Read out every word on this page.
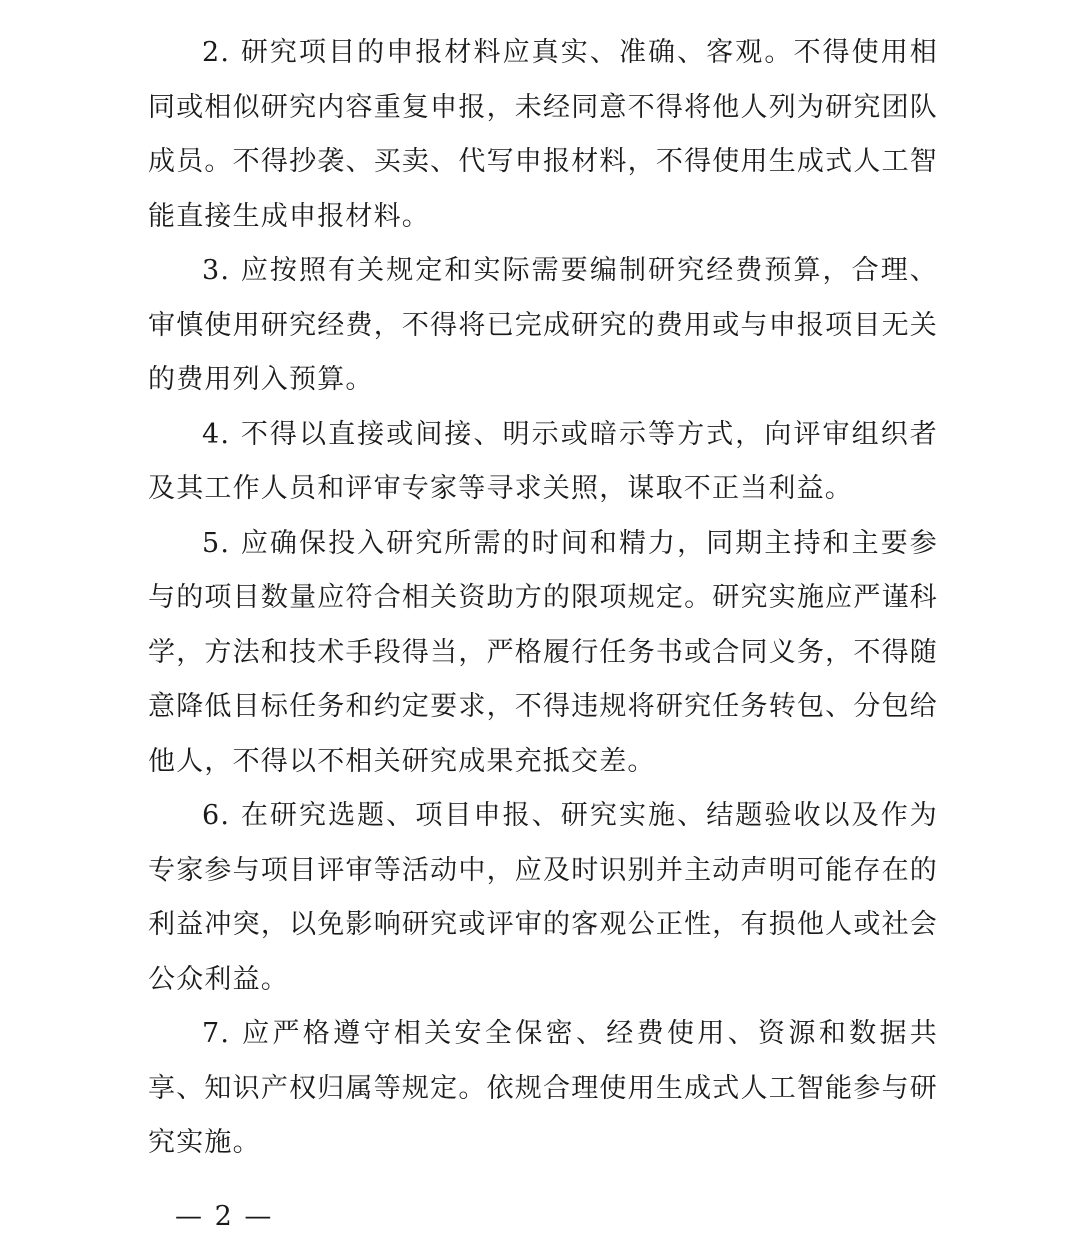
2. 研究项目的申报材料应真实、准确、客观。不得使用相同或相似研究内容重复申报，未经同意不得将他人列为研究团队成员。不得抄袭、买卖、代写申报材料，不得使用生成式人工智能直接生成申报材料。

3. 应按照有关规定和实际需要编制研究经费预算，合理、审慎使用研究经费，不得将已完成研究的费用或与申报项目无关的费用列入预算。

4. 不得以直接或间接、明示或暗示等方式，向评审组织者及其工作人员和评审专家等寻求关照，谋取不正当利益。

5. 应确保投入研究所需的时间和精力，同期主持和主要参与的项目数量应符合相关资助方的限项规定。研究实施应严谨科学，方法和技术手段得当，严格履行任务书或合同义务，不得随意降低目标任务和约定要求，不得违规将研究任务转包、分包给他人，不得以不相关研究成果充抵交差。

6. 在研究选题、项目申报、研究实施、结题验收以及作为专家参与项目评审等活动中，应及时识别并主动声明可能存在的利益冲突，以免影响研究或评审的客观公正性，有损他人或社会公众利益。

7. 应严格遵守相关安全保密、经费使用、资源和数据共享、知识产权归属等规定。依规合理使用生成式人工智能参与研究实施。

— 2 —
